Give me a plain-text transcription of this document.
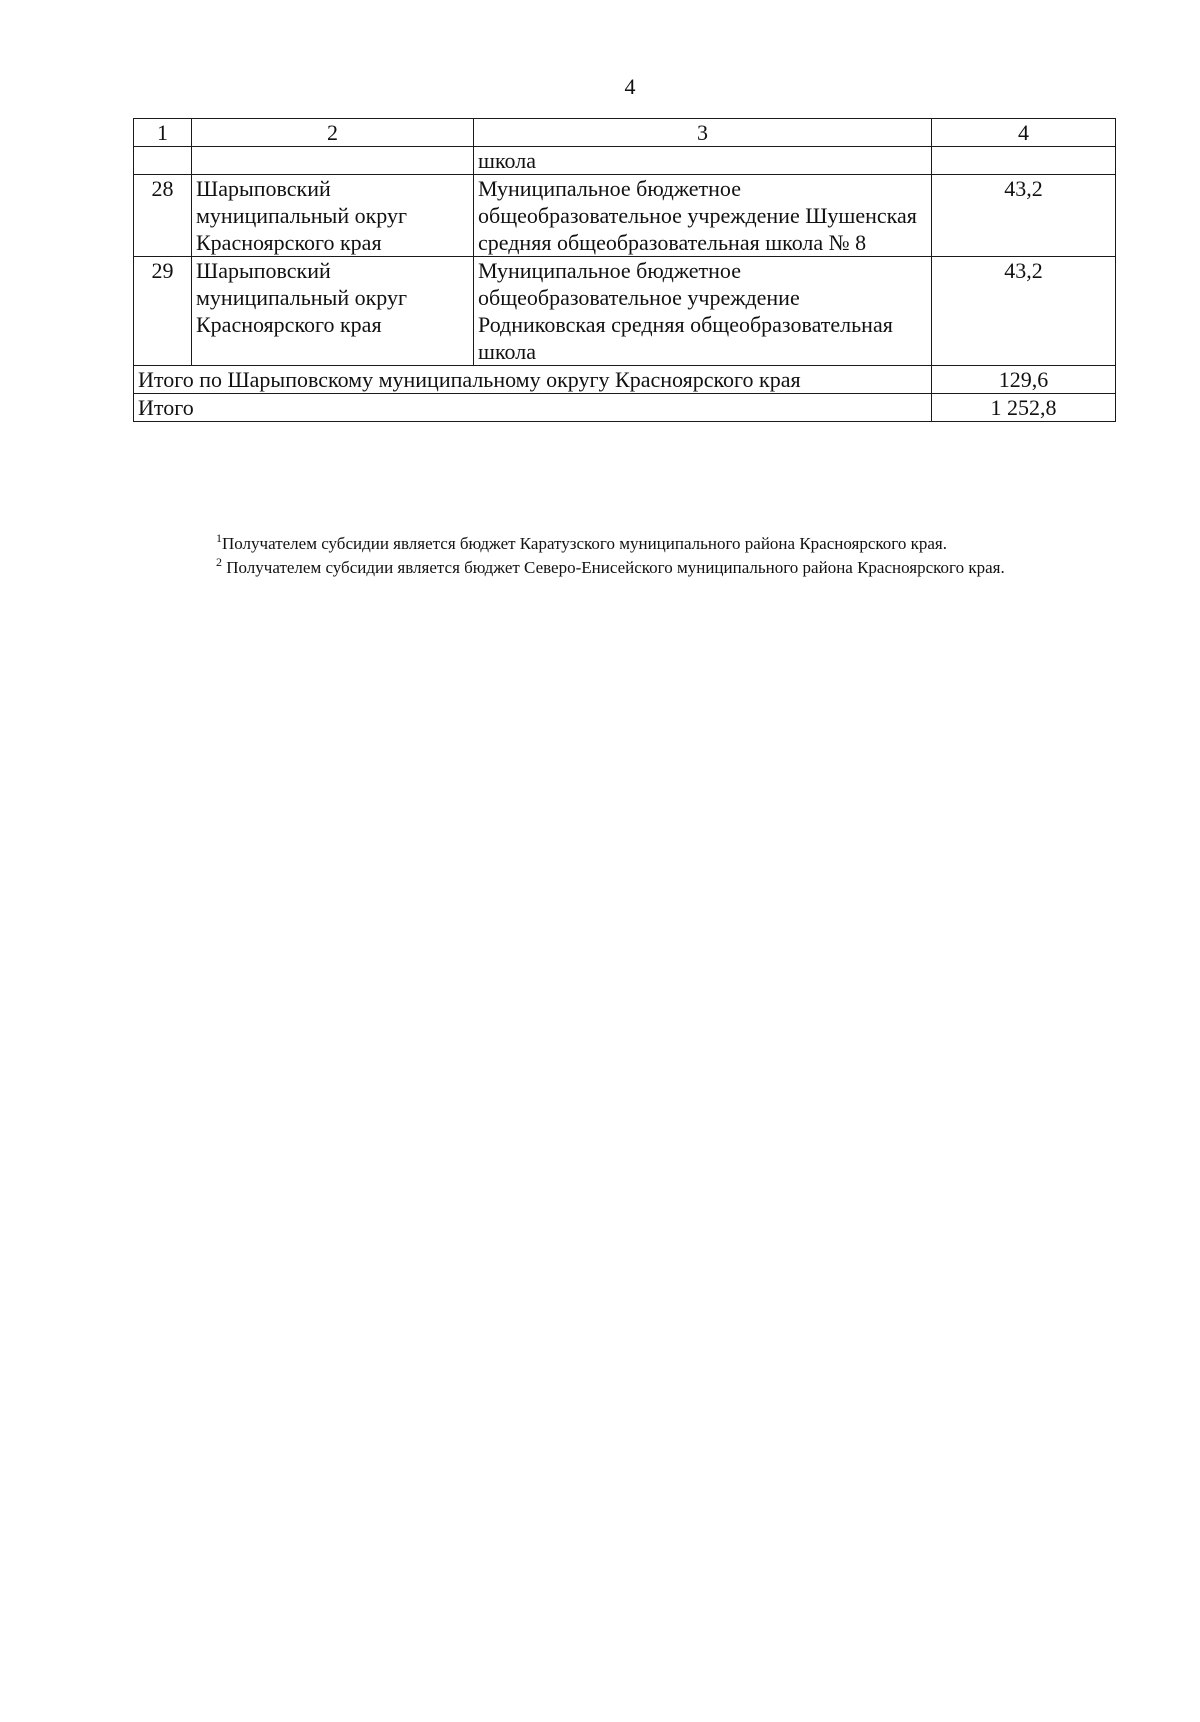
4
1	2	3	4
		школа	
28	Шарыповский муниципальный округ Красноярского края	Муниципальное бюджетное общеобразовательное учреждение Шушенская средняя общеобразовательная школа № 8	43,2
29	Шарыповский муниципальный округ Красноярского края	Муниципальное бюджетное общеобразовательное учреждение Родниковская средняя общеобразовательная школа	43,2
Итого по Шарыповскому муниципальному округу Красноярского края			129,6
Итого			1 252,8

$^1$Получателем субсидии является бюджет Каратузского муниципального района Красноярского края.

$^2$ Получателем субсидии является бюджет Северо-Енисейского муниципального района Красноярского края.
